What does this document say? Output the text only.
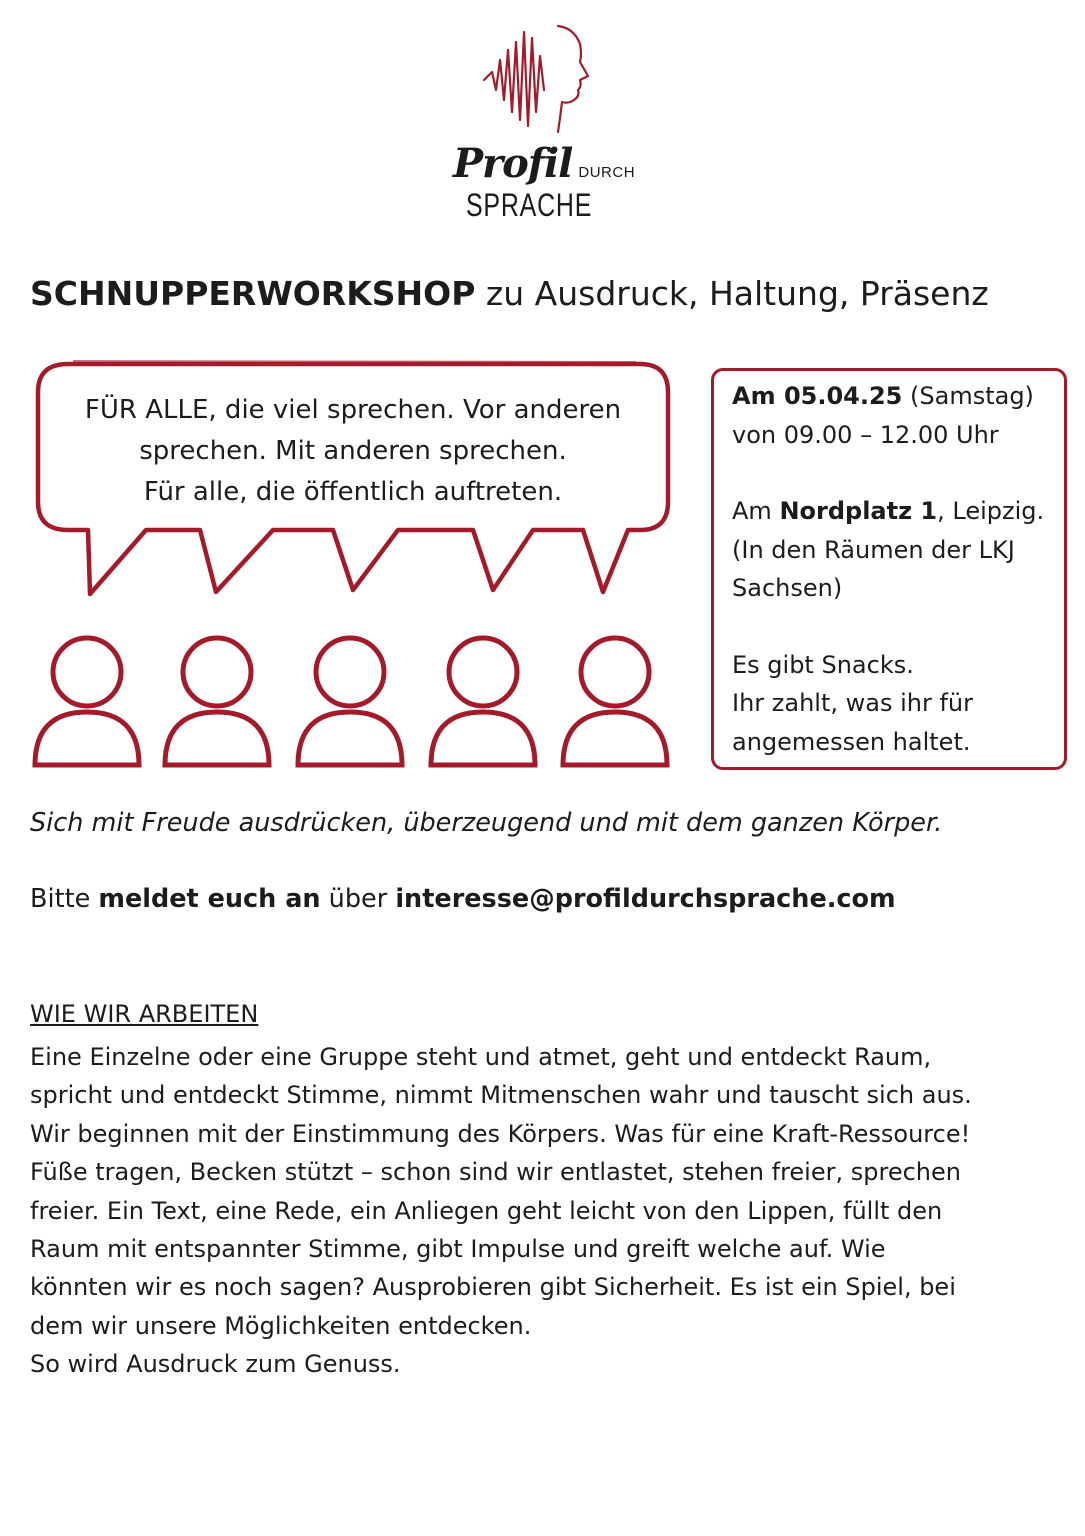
Profil DURCHSPRACHE
SCHNUPPERWORKSHOP zu Ausdruck, Haltung, Präsenz
FÜR ALLE, die viel sprechen. Vor anderen
sprechen. Mit anderen sprechen.
Für alle, die öffentlich auftreten.

Am 05.04.25 (Samstag)

von 09.00 – 12.00 Uhr

Am Nordplatz 1, Leipzig.

(In den Räumen der LKJ

Sachsen)

Es gibt Snacks.

Ihr zahlt, was ihr für

angemessen haltet.

Sich mit Freude ausdrücken, überzeugend und mit dem ganzen Körper.
Bitte meldet euch an über interesse@profildurchsprache.com
WIE WIR ARBEITEN
Eine Einzelne oder eine Gruppe steht und atmet, geht und entdeckt Raum,
spricht und entdeckt Stimme, nimmt Mitmenschen wahr und tauscht sich aus.
Wir beginnen mit der Einstimmung des Körpers. Was für eine Kraft-Ressource!
Füße tragen, Becken stützt – schon sind wir entlastet, stehen freier, sprechen
freier. Ein Text, eine Rede, ein Anliegen geht leicht von den Lippen, füllt den
Raum mit entspannter Stimme, gibt Impulse und greift welche auf. Wie
könnten wir es noch sagen? Ausprobieren gibt Sicherheit. Es ist ein Spiel, bei
dem wir unsere Möglichkeiten entdecken.
So wird Ausdruck zum Genuss.
